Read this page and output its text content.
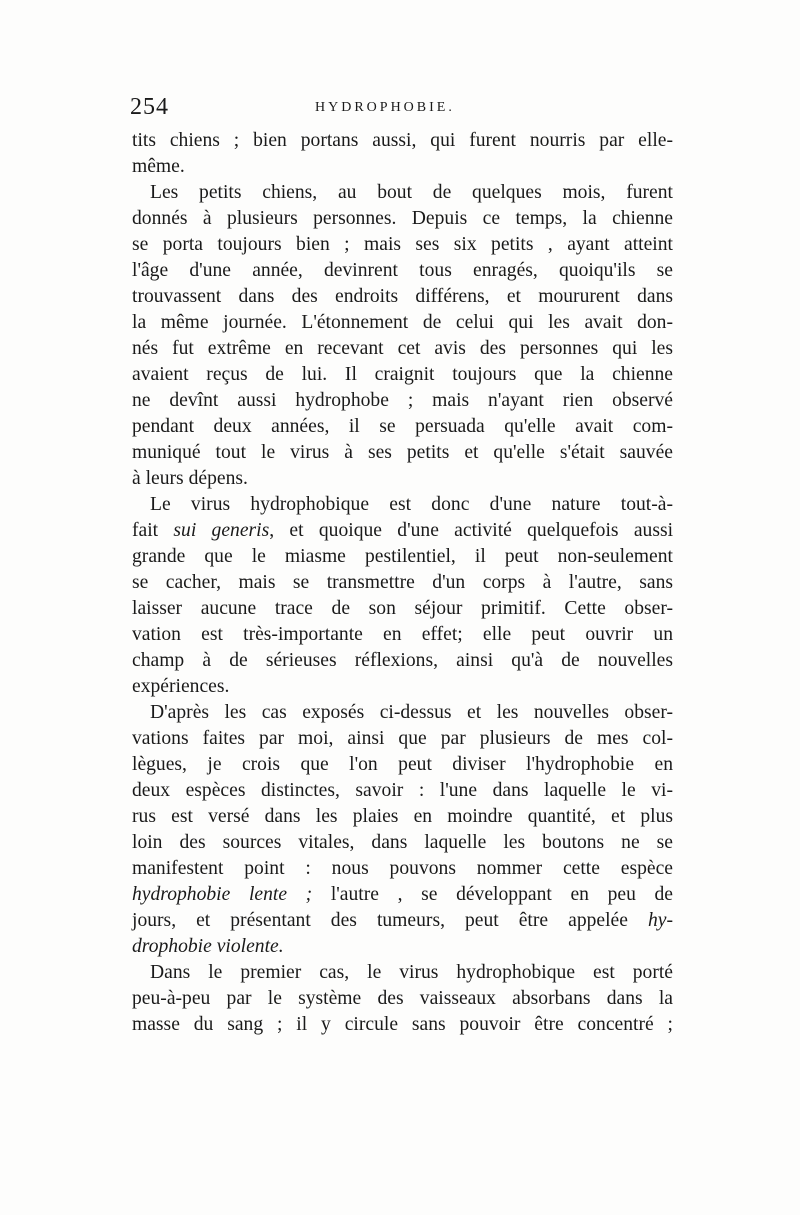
254	HYDROPHOBIE.
tits chiens ; bien portans aussi, qui furent nourris par elle-
même.
Les petits chiens, au bout de quelques mois, furent
donnés à plusieurs personnes. Depuis ce temps, la chienne
se porta toujours bien ; mais ses six petits , ayant atteint
l'âge d'une année, devinrent tous enragés, quoiqu'ils se
trouvassent dans des endroits différens, et moururent dans
la même journée. L'étonnement de celui qui les avait don-
nés fut extrême en recevant cet avis des personnes qui les
avaient reçus de lui. Il craignit toujours que la chienne
ne devînt aussi hydrophobe ; mais n'ayant rien observé
pendant deux années, il se persuada qu'elle avait com-
muniqué tout le virus à ses petits et qu'elle s'était sauvée
à leurs dépens.
Le virus hydrophobique est donc d'une nature tout-à-
fait sui generis, et quoique d'une activité quelquefois aussi
grande que le miasme pestilentiel, il peut non-seulement
se cacher, mais se transmettre d'un corps à l'autre, sans
laisser aucune trace de son séjour primitif. Cette obser-
vation est très-importante en effet; elle peut ouvrir un
champ à de sérieuses réflexions, ainsi qu'à de nouvelles
expériences.
D'après les cas exposés ci-dessus et les nouvelles obser-
vations faites par moi, ainsi que par plusieurs de mes col-
lègues, je crois que l'on peut diviser l'hydrophobie en
deux espèces distinctes, savoir : l'une dans laquelle le vi-
rus est versé dans les plaies en moindre quantité, et plus
loin des sources vitales, dans laquelle les boutons ne se
manifestent point : nous pouvons nommer cette espèce
hydrophobie lente ; l'autre , se développant en peu de
jours, et présentant des tumeurs, peut être appelée hy-
drophobie violente.
Dans le premier cas, le virus hydrophobique est porté
peu-à-peu par le système des vaisseaux absorbans dans la
masse du sang ; il y circule sans pouvoir être concentré ;
